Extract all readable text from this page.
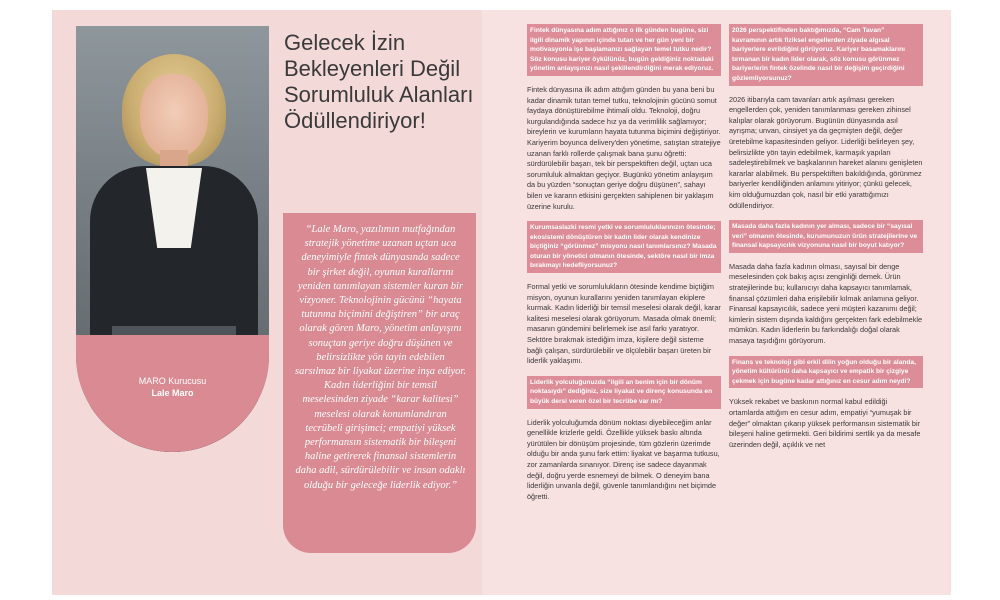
MARO Kurucusu
Lale Maro
Gelecek İzin Bekleyenleri Değil Sorumluluk Alanları Ödüllendiriyor!

“Lale Maro, yazılımın mutfağından stratejik yönetime uzanan uçtan uca deneyimiyle fintek dünyasında sadece bir şirket değil, oyunun kurallarını yeniden tanımlayan sistemler kuran bir vizyoner. Teknolojinin gücünü “hayata tutunma biçimini değiştiren” bir araç olarak gören Maro, yönetim anlayışını sonuçtan geriye doğru düşünen ve belirsizlikte yön tayin edebilen sarsılmaz bir liyakat üzerine inşa ediyor. Kadın liderliğini bir temsil meselesinden ziyade “karar kalitesi” meselesi olarak konumlandıran tecrübeli girişimci; empatiyi yüksek performansın sistematik bir bileşeni haline getirerek finansal sistemlerin daha adil, sürdürülebilir ve insan odaklı olduğu bir geleceğe liderlik ediyor.”

Fintek dünyasına adım attığınız o ilk günden bugüne, sizi ilgili dinamik yapının içinde tutan ve her gün yeni bir motivasyonla işe başlamanızı sağlayan temel tutku nedir? Söz konusu kariyer öykülünüz, bugün geldiğiniz noktadaki yönetim anlayışınızı nasıl şekillendirdiğini merak ediyoruz.

Fintek dünyasına ilk adım attığım günden bu yana beni bu kadar dinamik tutan temel tutku, teknolojinin gücünü somut faydaya dönüştürebilme ihtimali oldu. Teknoloji, doğru kurgulandığında sadece hız ya da verimlilik sağlamıyor; bireylerin ve kurumların hayata tutunma biçimini değiştiriyor. Kariyerim boyunca delivery'den yönetime, satıştan stratejiye uzanan farklı rollerde çalışmak bana şunu öğretti: sürdürülebilir başarı, tek bir perspektiften değil, uçtan uca sorumluluk almaktan geçiyor. Bugünkü yönetim anlayışım da bu yüzden “sonuçtan geriye doğru düşünen”, sahayı bilen ve kararın etkisini gerçekten sahiplenen bir yaklaşım üzerine kurulu.

Kurumsaslazki resmi yetki ve sorumluluklarınızın ötesinde; ekosistemi dönüştüren bir kadın lider olarak kendinize biçtiğiniz “görünmez” misyonu nasıl tanımlarsınız? Masada oturan bir yönetici olmanın ötesinde, sektöre nasıl bir imza bırakmayı hedefliyorsunuz?

Formal yetki ve sorumlulukların ötesinde kendime biçtiğim misyon, oyunun kurallarını yeniden tanımlayan ekiplere kurmak. Kadın liderliği bir temsil meselesi olarak değil, karar kalitesi meselesi olarak görüyorum. Masada olmak önemli; masanın gündemini belirlemek ise asıl farkı yaratıyor. Sektöre bırakmak istediğim imza, kişilere değil sisteme bağlı çalışan, sürdürülebilir ve ölçülebilir başarı üreten bir liderlik yaklaşımı.

Liderlik yolculuğunuzda “ilgili an benim için bir dönüm noktasıydı” dediğiniz, size liyakat ve direnç konusunda en büyük dersi veren özel bir tecrübe var mı?

Liderlik yolculuğumda dönüm noktası diyebileceğim anlar genellikle krizlerle geldi. Özellikle yüksek baskı altında yürütülen bir dönüşüm projesinde, tüm gözlerin üzerimde olduğu bir anda şunu fark ettim: liyakat ve başarma tutkusu, zor zamanlarda sınanıyor. Direnç ise sadece dayanmak değil, doğru yerde esnemeyi de bilmek. O deneyim bana liderliğin unvanla değil, güvenle tanımlandığını net biçimde öğretti.

2026 perspektifinden baktığımızda, “Cam Tavan” kavramının artık fiziksel engellerden ziyade algısal bariyerlere evrildiğini görüyoruz. Kariyer basamaklarını tırmanan bir kadın lider olarak, söz konusu görünmez bariyerlerin fintek özelinde nasıl bir değişim geçirdiğini gözlemliyorsunuz?

2026 itibarıyla cam tavanları artık aşılması gereken engellerden çok, yeniden tanımlanması gereken zihinsel kalıplar olarak görüyorum. Bugünün dünyasında asıl ayrışma; unvan, cinsiyet ya da geçmişten değil, değer üretebilme kapasitesinden geliyor. Liderliği belirleyen şey, belirsizlikte yön tayin edebilmek, karmaşık yapıları sadeleştirebilmek ve başkalarının hareket alanını genişleten kararlar alabilmek. Bu perspektiften bakıldığında, görünmez bariyerler kendiliğinden anlamını yitiriyor; çünkü gelecek, kim olduğumuzdan çok, nasıl bir etki yarattığımızı ödüllendiriyor.

Masada daha fazla kadının yer alması, sadece bir “sayısal veri” olmanın ötesinde, kurumunuzun ürün stratejilerine ve finansal kapsayıcılık vizyonuna nasıl bir boyut katıyor?

Masada daha fazla kadının olması, sayısal bir denge meselesinden çok bakış açısı zenginliği demek. Ürün stratejilerinde bu; kullanıcıyı daha kapsayıcı tanımlamak, finansal çözümleri daha erişilebilir kılmak anlamına geliyor. Finansal kapsayıcılık, sadece yeni müşteri kazanımı değil; kimlerin sistem dışında kaldığını gerçekten fark edebilmekle mümkün. Kadın liderlerin bu farkındalığı doğal olarak masaya taşıdığını görüyorum.

Finans ve teknoloji gibi erkil dilin yoğun olduğu bir alanda, yönetim kültürünü daha kapsayıcı ve empatik bir çizgiye çekmek için bugüne kadar attığınız en cesur adım neydi?

Yüksek rekabet ve baskının normal kabul edildiği ortamlarda attığım en cesur adım, empatiyi “yumuşak bir değer” olmaktan çıkarıp yüksek performansın sistematik bir bileşeni haline getirmekti. Geri bildirimi sertlik ya da mesafe üzerinden değil, açıklık ve net
